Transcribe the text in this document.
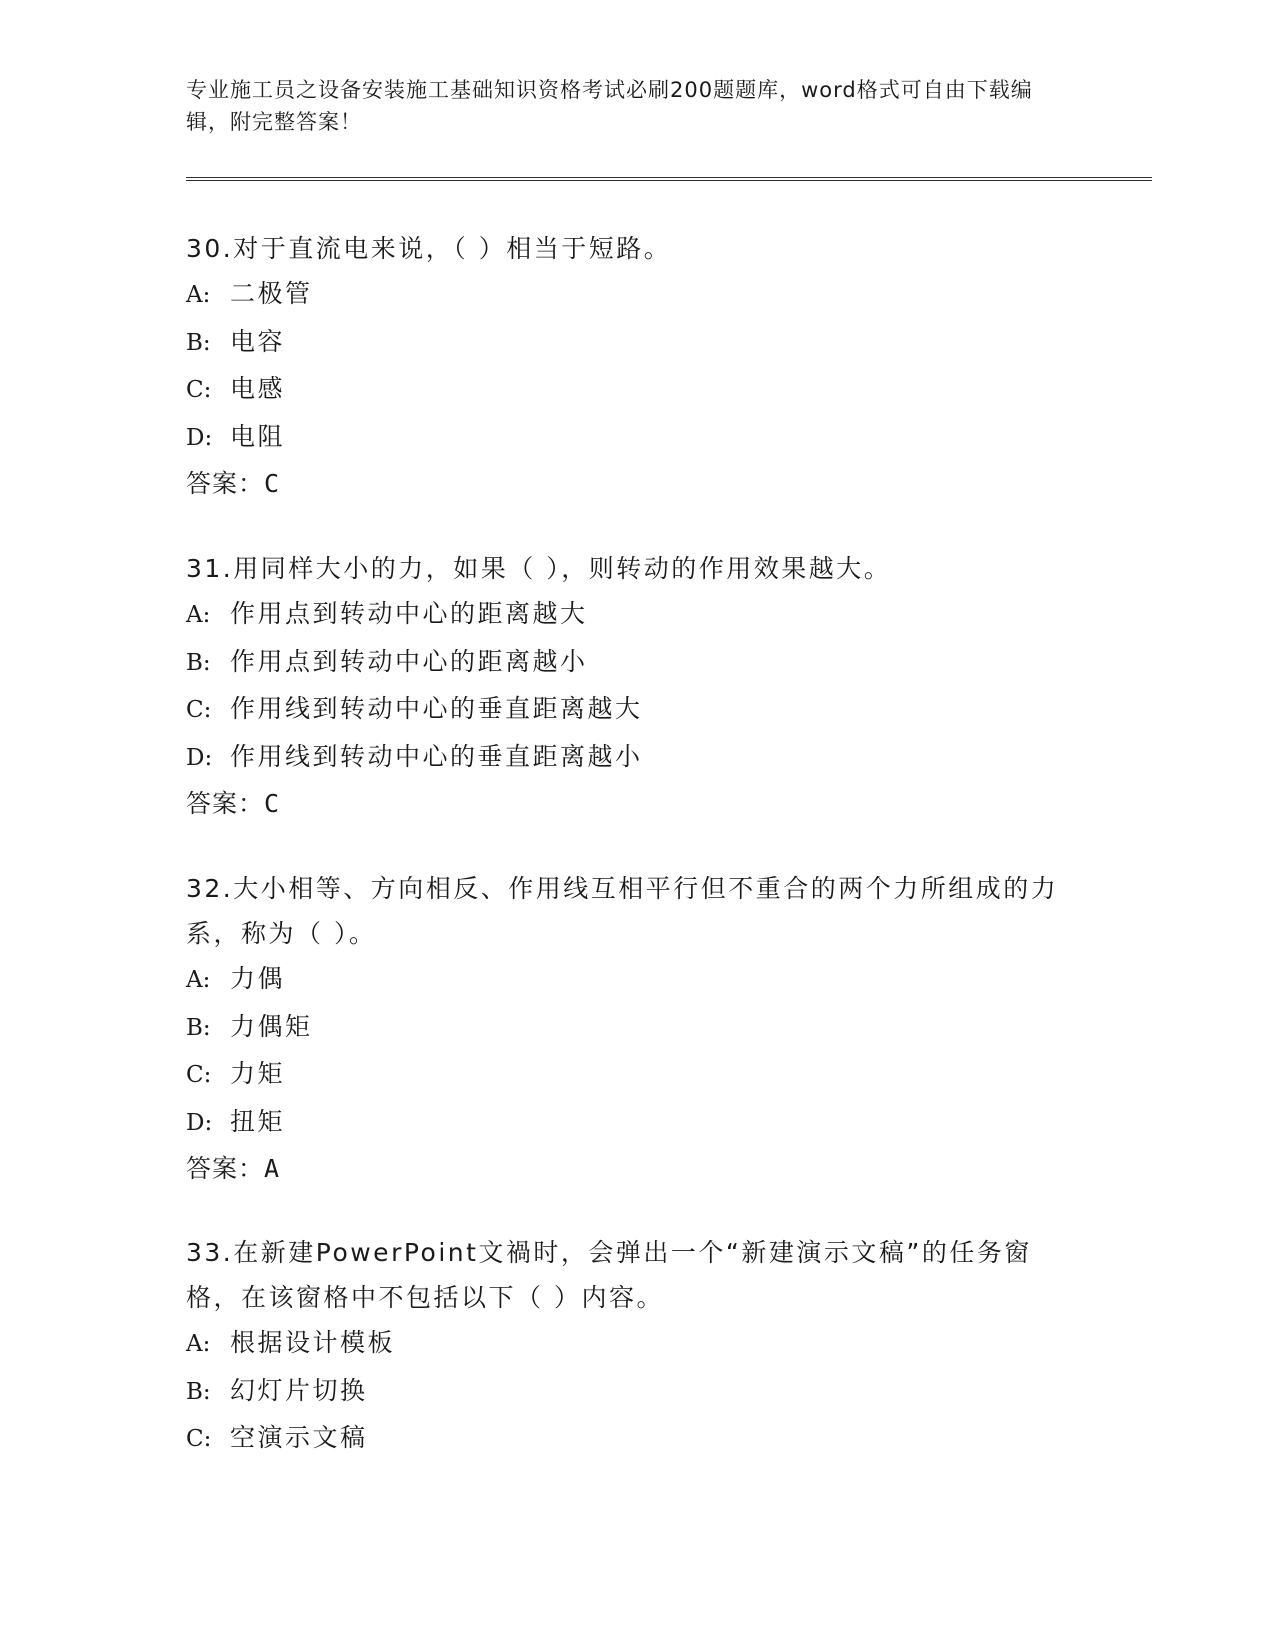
专业施工员之设备安装施工基础知识资格考试必刷200题题库，word格式可自由下载编辑，附完整答案！

30.对于直流电来说，（ ）相当于短路。

A: 二极管

B: 电容

C: 电感

D: 电阻

答案：C

31.用同样大小的力，如果（ ），则转动的作用效果越大。

A: 作用点到转动中心的距离越大

B: 作用点到转动中心的距离越小

C: 作用线到转动中心的垂直距离越大

D: 作用线到转动中心的垂直距离越小

答案：C

32.大小相等、方向相反、作用线互相平行但不重合的两个力所组成的力系，称为（ ）。

A: 力偶

B: 力偶矩

C: 力矩

D: 扭矩

答案：A

33.在新建PowerPoint文禍时，会弹出一个“新建演示文稿”的任务窗格，在该窗格中不包括以下（ ）内容。

A: 根据设计模板

B: 幻灯片切换

C: 空演示文稿
